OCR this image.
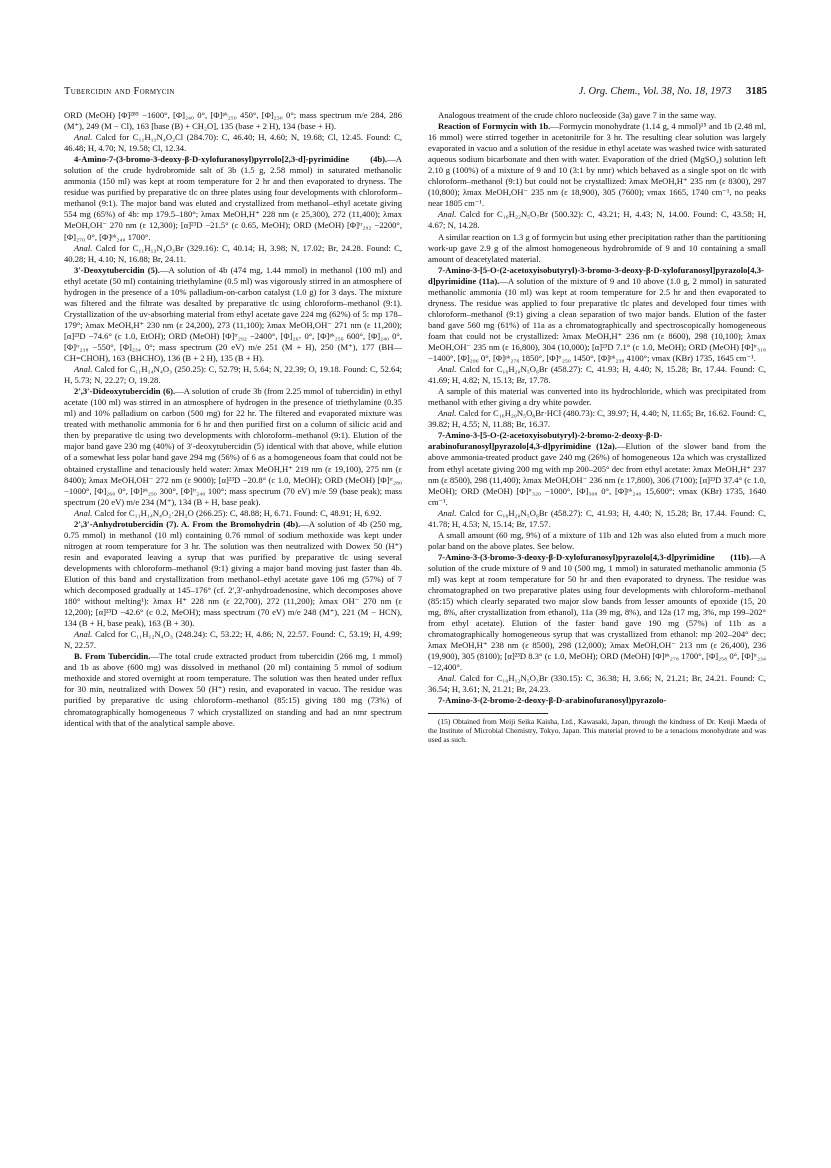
Tubercidin and Formycin	J. Org. Chem., Vol. 38, No. 18, 1973 3185

ORD (MeOH) [Φ]²⁸⁵ −1600°, [Φ]₂₄₀ 0°, [Φ]ᵖᵏ₂₅₀ 450°, [Φ]₂₃₀ 0°; mass spectrum m/e 284, 286 (M⁺), 249 (M − Cl), 163 [base (B) + CH₂O], 135 (base + 2 H), 134 (base + H).

Anal. Calcd for C₁₁H₁₃N₄O₂Cl (284.70): C, 46.40; H, 4.60; N, 19.68; Cl, 12.45. Found: C, 46.48; H, 4.70; N, 19.58; Cl, 12.34.

4-Amino-7-(3-bromo-3-deoxy-β-D-xylofuranosyl)pyrrolo[2,3-d]-pyrimidine (4b).—A solution of the crude hydrobromide salt of 3b (1.5 g, 2.58 mmol) in saturated methanolic ammonia (150 ml) was kept at room temperature for 2 hr and then evaporated to dryness. The residue was purified by preparative tlc on three plates using four developments with chloroform–methanol (9:1). The major band was eluted and crystallized from methanol–ethyl acetate giving 554 mg (65%) of 4b: mp 179.5–180°; λmax MeOH,H⁺ 228 nm (ε 25,300), 272 (11,400); λmax MeOH,OH⁻ 270 nm (ε 12,300); [α]²³D −21.5° (c 0.65, MeOH); ORD (MeOH) [Φ]ᵗʳ₂₉₂ −2200°, [Φ]₂₇₀ 0°, [Φ]ᵖᵏ₂₄₀ 1700°.

Anal. Calcd for C₁₁H₁₃N₄O₃Br (329.16): C, 40.14; H, 3.98; N, 17.02; Br, 24.28. Found: C, 40.28; H, 4.10; N, 16.88; Br, 24.11.

3′-Deoxytubercidin (5).—A solution of 4b (474 mg, 1.44 mmol) in methanol (100 ml) and ethyl acetate (50 ml) containing triethylamine (0.5 ml) was vigorously stirred in an atmosphere of hydrogen in the presence of a 10% palladium-on-carbon catalyst (1.0 g) for 3 days. The mixture was filtered and the filtrate was desalted by preparative tlc using chloroform–methanol (9:1). Crystallization of the uv-absorbing material from ethyl acetate gave 224 mg (62%) of 5: mp 178–179°; λmax MeOH,H⁺ 230 nm (ε 24,200), 273 (11,100); λmax MeOH,OH⁻ 271 nm (ε 11,200); [α]²³D −74.6° (c 1.0, EtOH); ORD (MeOH) [Φ]ᵗʳ₂₉₂ −2400°, [Φ]₂₆₇ 0°, [Φ]ᵖᵏ₂₅₆ 600°, [Φ]₂₄₀ 0°, [Φ]ᵗʳ₂₃₈ −550°, [Φ]₂₃₄ 0°; mass spectrum (20 eV) m/e 251 (M + H), 250 (M⁺), 177 (BH—CH=CHOH), 163 (BHCHO), 136 (B + 2 H), 135 (B + H).

Anal. Calcd for C₁₁H₁₄N₄O₃ (250.25): C, 52.79; H, 5.64; N, 22.39; O, 19.18. Found: C, 52.64; H, 5.73; N, 22.27; O, 19.28.

2′,3′-Dideoxytubercidin (6).—A solution of crude 3b (from 2.25 mmol of tubercidin) in ethyl acetate (100 ml) was stirred in an atmosphere of hydrogen in the presence of triethylamine (0.35 ml) and 10% palladium on carbon (500 mg) for 22 hr. The filtered and evaporated mixture was treated with methanolic ammonia for 6 hr and then purified first on a column of silicic acid and then by preparative tlc using two developments with chloroform–methanol (9:1). Elution of the major band gave 230 mg (40%) of 3′-deoxytubercidin (5) identical with that above, while elution of a somewhat less polar band gave 294 mg (56%) of 6 as a homogeneous foam that could not be obtained crystalline and tenaciously held water: λmax MeOH,H⁺ 219 nm (ε 19,100), 275 nm (ε 8400); λmax MeOH,OH⁻ 272 nm (ε 9000); [α]²³D −20.8° (c 1.0, MeOH); ORD (MeOH) [Φ]ᵗʳ₂₈₀ −1000°, [Φ]₂₆₀ 0°, [Φ]ᵖᵏ₂₅₀ 300°, [Φ]ᵗʳ₂₄₀ 100°; mass spectrum (70 eV) m/e 59 (base peak); mass spectrum (20 eV) m/e 234 (M⁺), 134 (B + H, base peak).

Anal. Calcd for C₁₁H₁₄N₄O₂·2H₂O (266.25): C, 48.88; H, 6.71. Found: C, 48.91; H, 6.92.

2′,3′-Anhydrotubercidin (7). A. From the Bromohydrin (4b).—A solution of 4b (250 mg, 0.75 mmol) in methanol (10 ml) containing 0.76 mmol of sodium methoxide was kept under nitrogen at room temperature for 3 hr. The solution was then neutralized with Dowex 50 (H⁺) resin and evaporated leaving a syrup that was purified by preparative tlc using several developments with chloroform–methanol (9:1) giving a major band moving just faster than 4b. Elution of this band and crystallization from methanol–ethyl acetate gave 106 mg (57%) of 7 which decomposed gradually at 145–176° (cf. 2′,3′-anhydroadenosine, which decomposes above 180° without melting¹): λmax H⁺ 228 nm (ε 22,700), 272 (11,200); λmax OH⁻ 270 nm (ε 12,200); [α]²³D −42.6° (c 0.2, MeOH); mass spectrum (70 eV) m/e 248 (M⁺), 221 (M − HCN), 134 (B + H, base peak), 163 (B + 30).

Anal. Calcd for C₁₁H₁₂N₄O₃ (248.24): C, 53.22; H, 4.86; N, 22.57. Found: C, 53.19; H, 4.99; N, 22.57.

B. From Tubercidin.—The total crude extracted product from tubercidin (266 mg, 1 mmol) and 1b as above (600 mg) was dissolved in methanol (20 ml) containing 5 mmol of sodium methoxide and stored overnight at room temperature. The solution was then heated under reflux for 30 min, neutralized with Dowex 50 (H⁺) resin, and evaporated in vacuo. The residue was purified by preparative tlc using chloroform–methanol (85:15) giving 180 mg (73%) of chromatographically homogeneous 7 which crystallized on standing and had an nmr spectrum identical with that of the analytical sample above.

Analogous treatment of the crude chloro nucleoside (3a) gave 7 in the same way.

Reaction of Formycin with 1b.—Formycin monohydrate (1.14 g, 4 mmol)¹⁵ and 1b (2.48 ml, 16 mmol) were stirred together in acetonitrile for 3 hr. The resulting clear solution was largely evaporated in vacuo and a solution of the residue in ethyl acetate was washed twice with saturated aqueous sodium bicarbonate and then with water. Evaporation of the dried (MgSO₄) solution left 2.10 g (100%) of a mixture of 9 and 10 (3:1 by nmr) which behaved as a single spot on tlc with chloroform–methanol (9:1) but could not be crystallized: λmax MeOH,H⁺ 235 nm (ε 8300), 297 (10,800); λmax MeOH,OH⁻ 235 nm (ε 18,900), 305 (7600); νmax 1665, 1740 cm⁻¹, no peaks near 1805 cm⁻¹.

Anal. Calcd for C₁₆H₂₂N₅O₇Br (500.32): C, 43.21; H, 4.43; N, 14.00. Found: C, 43.58; H, 4.67; N, 14.28.

A similar reaction on 1.3 g of formycin but using ether precipitation rather than the partitioning work-up gave 2.9 g of the almost homogeneous hydrobromide of 9 and 10 containing a small amount of deacetylated material.

7-Amino-3-[5-O-(2-acetoxyisobutyryl)-3-bromo-3-deoxy-β-D-xylofuranosyl]pyrazolo[4,3-d]pyrimidine (11a).—A solution of the mixture of 9 and 10 above (1.0 g, 2 mmol) in saturated methanolic ammonia (10 ml) was kept at room temperature for 2.5 hr and then evaporated to dryness. The residue was applied to four preparative tlc plates and developed four times with chloroform–methanol (9:1) giving a clean separation of two major bands. Elution of the faster band gave 560 mg (61%) of 11a as a chromatographically and spectroscopically homogeneous foam that could not be crystallized: λmax MeOH,H⁺ 236 nm (ε 8600), 298 (10,100); λmax MeOH,OH⁻ 235 nm (ε 16,800), 304 (10,000); [α]²³D 7.1° (c 1.0, MeOH); ORD (MeOH) [Φ]ᵗʳ₃₁₈ −1400°, [Φ]₂₉₆ 0°, [Φ]ᵖᵏ₂₇₆ 1850°, [Φ]ᵗʳ₂₅₀ 1450°, [Φ]ᵖᵏ₂₃₈ 4100°; νmax (KBr) 1735, 1645 cm⁻¹.

Anal. Calcd for C₁₆H₂₀N₅O₆Br (458.27): C, 41.93; H, 4.40; N, 15.28; Br, 17.44. Found: C, 41.69; H, 4.82; N, 15.13; Br, 17.78.

A sample of this material was converted into its hydrochloride, which was precipitated from methanol with ether giving a dry white powder.

Anal. Calcd for C₁₆H₂₀N₅O₆Br·HCl (480.73): C, 39.97; H, 4.40; N, 11.65; Br, 16.62. Found: C, 39.82; H, 4.55; N, 11.88; Br, 16.37.

7-Amino-3-[5-O-(2-acetoxyisobutyryl)-2-bromo-2-deoxy-β-D-arabinofuranosyl]pyrazolo[4,3-d]pyrimidine (12a).—Elution of the slower band from the above ammonia-treated product gave 240 mg (26%) of homogeneous 12a which was crystallized from ethyl acetate giving 200 mg with mp 200–205° dec from ethyl acetate: λmax MeOH,H⁺ 237 nm (ε 8500), 298 (11,400); λmax MeOH,OH⁻ 236 nm (ε 17,800), 306 (7100); [α]²³D 37.4° (c 1.0, MeOH); ORD (MeOH) [Φ]ᵗʳ₃₂₀ −1000°, [Φ]₃₀₈ 0°, [Φ]ᵖᵏ₂₄₀ 15,600°; νmax (KBr) 1735, 1640 cm⁻¹.

Anal. Calcd for C₁₆H₂₀N₅O₆Br (458.27): C, 41.93; H, 4.40; N, 15.28; Br, 17.44. Found: C, 41.78; H, 4.53; N, 15.14; Br, 17.57.

A small amount (60 mg, 9%) of a mixture of 11b and 12b was also eluted from a much more polar band on the above plates. See below.

7-Amino-3-(3-bromo-3-deoxy-β-D-xylofuranosyl)pyrazolo[4,3-d]pyrimidine (11b).—A solution of the crude mixture of 9 and 10 (500 mg, 1 mmol) in saturated methanolic ammonia (5 ml) was kept at room temperature for 50 hr and then evaporated to dryness. The residue was chromatographed on two preparative plates using four developments with chloroform–methanol (85:15) which clearly separated two major slow bands from lesser amounts of epoxide (15, 20 mg, 8%, after crystallization from ethanol), 11a (39 mg, 8%), and 12a (17 mg, 3%, mp 199–202° from ethyl acetate). Elution of the faster band gave 190 mg (57%) of 11b as a chromatographically homogeneous syrup that was crystallized from ethanol: mp 202–204° dec; λmax MeOH,H⁺ 238 nm (ε 8500), 298 (12,000); λmax MeOH,OH⁻ 213 nm (ε 26,400), 236 (19,900), 305 (8100); [α]²³D 8.3° (c 1.0, MeOH); ORD (MeOH) [Φ]ᵖᵏ₂₇₈ 1700°, [Φ]₂₅₈ 0°, [Φ]ᵗʳ₂₃₄ −12,400°.

Anal. Calcd for C₁₀H₁₂N₅O₃Br (330.15): C, 36.38; H, 3.66; N, 21.21; Br, 24.21. Found: C, 36.54; H, 3.61; N, 21.21; Br, 24.23.

7-Amino-3-(2-bromo-2-deoxy-β-D-arabinofuranosyl)pyrazolo-

(15) Obtained from Meiji Seika Kaisha, Ltd., Kawasaki, Japan, through the kindness of Dr. Kenji Maeda of the Institute of Microbial Chemistry, Tokyo, Japan. This material proved to be a tenacious monohydrate and was used as such.
